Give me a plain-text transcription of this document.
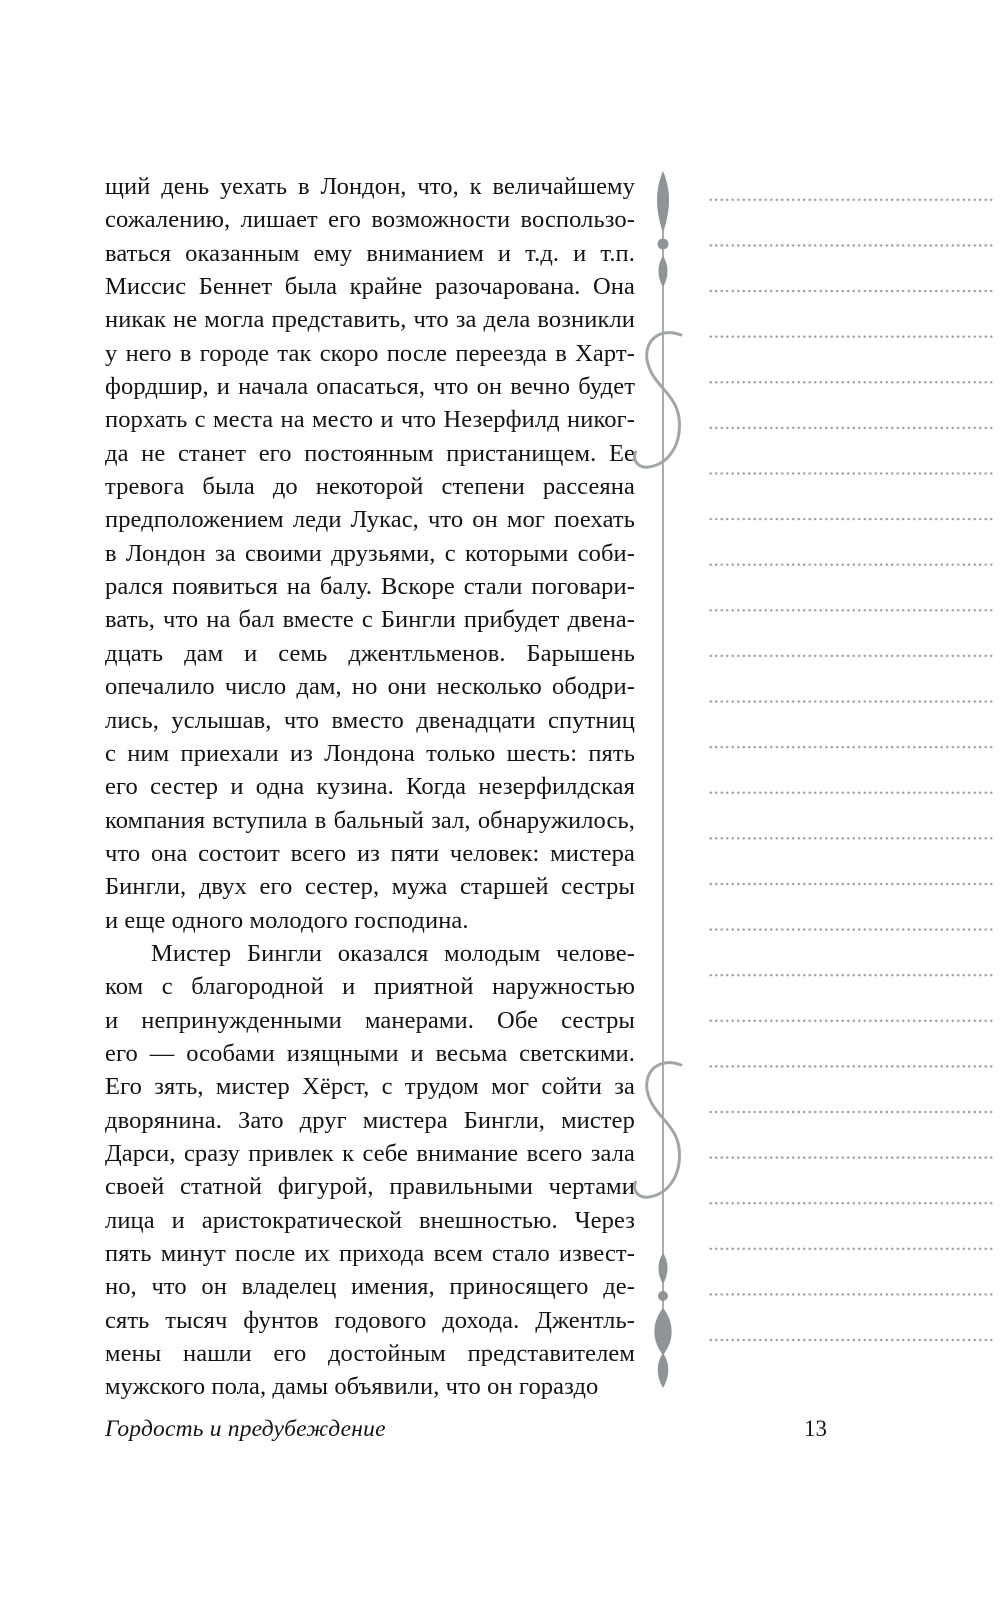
щий день уехать в Лондон, что, к величайшему
сожалению, лишает его возможности воспользо-
ваться оказанным ему вниманием и т.д. и т.п.
Миссис Беннет была крайне разочарована. Она
никак не могла представить, что за дела возникли
у него в городе так скоро после переезда в Харт-
фордшир, и начала опасаться, что он вечно будет
порхать с места на место и что Незерфилд никог-
да не станет его постоянным пристанищем. Ее
тревога была до некоторой степени рассеяна
предположением леди Лукас, что он мог поехать
в Лондон за своими друзьями, с которыми соби-
рался появиться на балу. Вскоре стали поговари-
вать, что на бал вместе с Бингли прибудет двена-
дцать дам и семь джентльменов. Барышень
опечалило число дам, но они несколько ободри-
лись, услышав, что вместо двенадцати спутниц
с ним приехали из Лондона только шесть: пять
его сестер и одна кузина. Когда незерфилдская
компания вступила в бальный зал, обнаружилось,
что она состоит всего из пяти человек: мистера
Бингли, двух его сестер, мужа старшей сестры
и еще одного молодого господина.
Мистер Бингли оказался молодым челове-
ком с благородной и приятной наружностью
и непринужденными манерами. Обе сестры
его — особами изящными и весьма светскими.
Его зять, мистер Хёрст, с трудом мог сойти за
дворянина. Зато друг мистера Бингли, мистер
Дарси, сразу привлек к себе внимание всего зала
своей статной фигурой, правильными чертами
лица и аристократической внешностью. Через
пять минут после их прихода всем стало извест-
но, что он владелец имения, приносящего де-
сять тысяч фунтов годового дохода. Джентль-
мены нашли его достойным представителем
мужского пола, дамы объявили, что он гораздо
Гордость и предубеждение	13
